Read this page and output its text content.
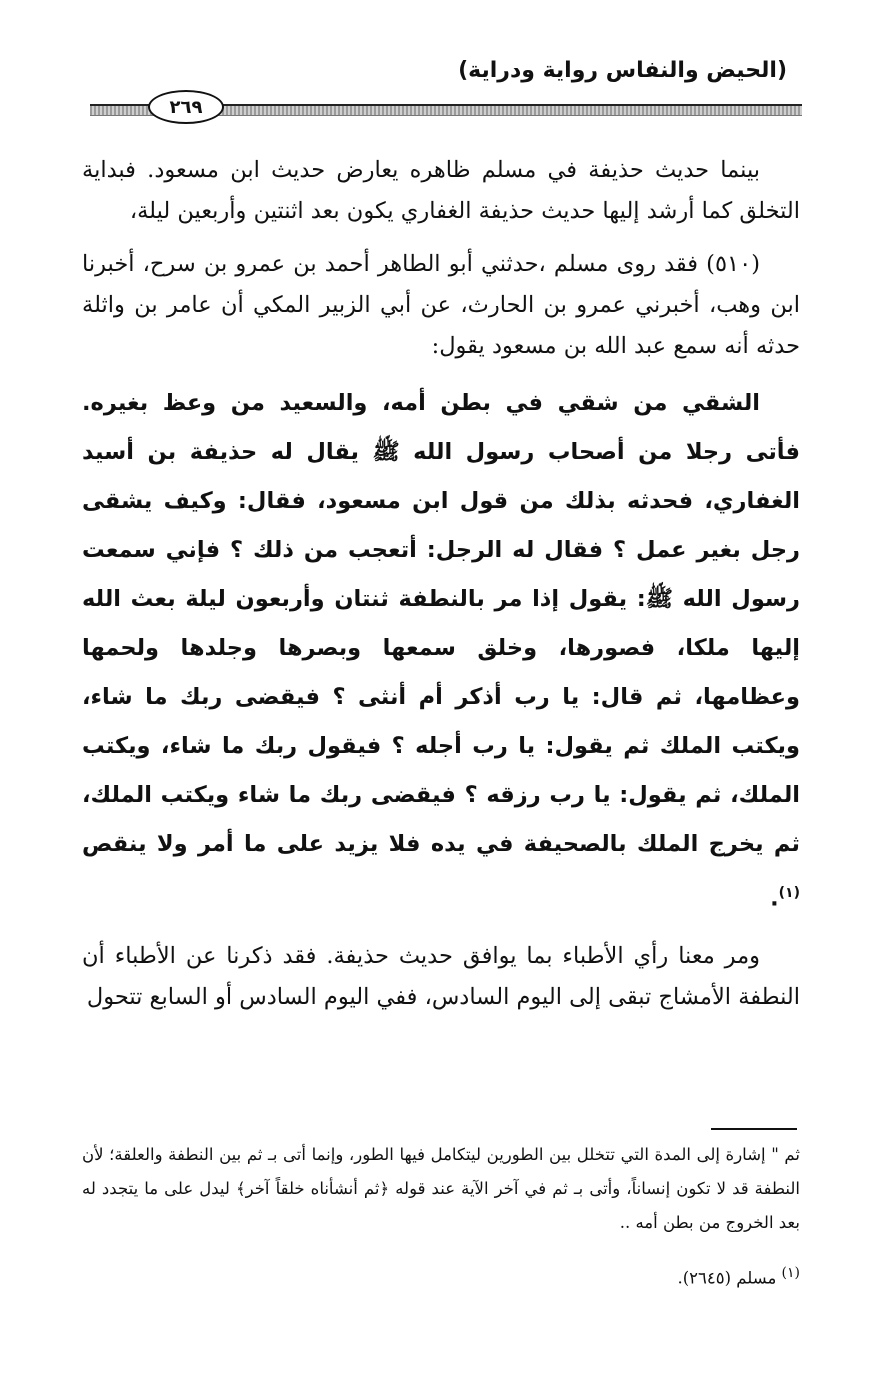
(الحيض والنفاس رواية ودراية)
٢٦٩

بينما حديث حذيفة في مسلم ظاهره يعارض حديث ابن مسعود. فبداية التخلق كما أرشد إليها حديث حذيفة الغفاري يكون بعد اثنتين وأربعين ليلة،

(٥١٠) فقد روى مسلم ،حدثني أبو الطاهر أحمد بن عمرو بن سرح، أخبرنا ابن وهب، أخبرني عمرو بن الحارث، عن أبي الزبير المكي أن عامر بن واثلة حدثه أنه سمع عبد الله بن مسعود يقول:

الشقي من شقي في بطن أمه، والسعيد من وعظ بغيره. فأتى رجلا من أصحاب رسول الله ﷺ يقال له حذيفة بن أسيد الغفاري، فحدثه بذلك من قول ابن مسعود، فقال: وكيف يشقى رجل بغير عمل ؟ فقال له الرجل: أتعجب من ذلك ؟ فإني سمعت رسول الله ﷺ: يقول إذا مر بالنطفة ثنتان وأربعون ليلة بعث الله إليها ملكا، فصورها، وخلق سمعها وبصرها وجلدها ولحمها وعظامها، ثم قال: يا رب أذكر أم أنثى ؟ فيقضى ربك ما شاء، ويكتب الملك ثم يقول: يا رب أجله ؟ فيقول ربك ما شاء، ويكتب الملك، ثم يقول: يا رب رزقه ؟ فيقضى ربك ما شاء ويكتب الملك، ثم يخرج الملك بالصحيفة في يده فلا يزيد على ما أمر ولا ينقص $^{(١)}$.

ومر معنا رأي الأطباء بما يوافق حديث حذيفة. فقد ذكرنا عن الأطباء أن النطفة الأمشاج تبقى إلى اليوم السادس، ففي اليوم السادس أو السابع تتحول

ثم " إشارة إلى المدة التي تتخلل بين الطورين ليتكامل فيها الطور، وإنما أتى بـ ثم بين النطفة والعلقة؛ لأن النطفة قد لا تكون إنساناً، وأتى بـ ثم في آخر الآية عند قوله ﴿ثم أنشأناه خلقاً آخر﴾ ليدل على ما يتجدد له بعد الخروج من بطن أمه ..

$^{(١)}$ مسلم (٢٦٤٥).
